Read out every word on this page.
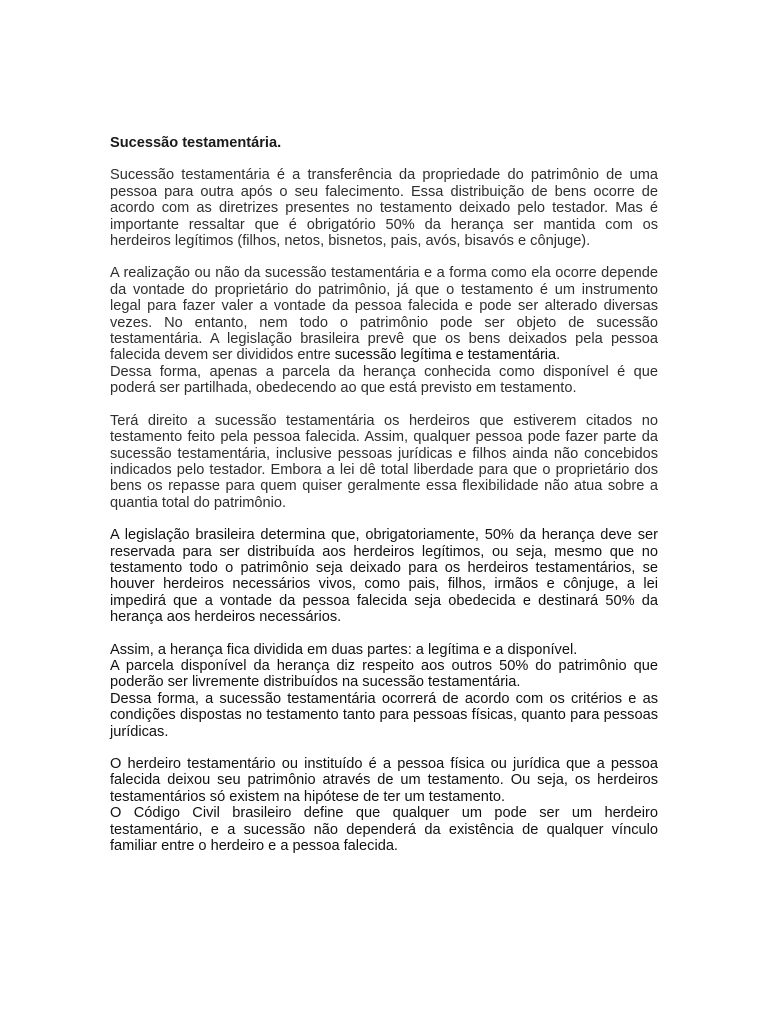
Sucessão testamentária.

Sucessão testamentária é a transferência da propriedade do patrimônio de uma pessoa para outra após o seu falecimento. Essa distribuição de bens ocorre de acordo com as diretrizes presentes no testamento deixado pelo testador. Mas é importante ressaltar que é obrigatório 50% da herança ser mantida com os herdeiros legítimos (filhos, netos, bisnetos, pais, avós, bisavós e cônjuge).

A realização ou não da sucessão testamentária e a forma como ela ocorre depende da vontade do proprietário do patrimônio, já que o testamento é um instrumento legal para fazer valer a vontade da pessoa falecida e pode ser alterado diversas vezes. No entanto, nem todo o patrimônio pode ser objeto de sucessão testamentária. A legislação brasileira prevê que os bens deixados pela pessoa falecida devem ser divididos entre sucessão legítima e testamentária.

Dessa forma, apenas a parcela da herança conhecida como disponível é que poderá ser partilhada, obedecendo ao que está previsto em testamento.

Terá direito a sucessão testamentária os herdeiros que estiverem citados no testamento feito pela pessoa falecida. Assim, qualquer pessoa pode fazer parte da sucessão testamentária, inclusive pessoas jurídicas e filhos ainda não concebidos indicados pelo testador. Embora a lei dê total liberdade para que o proprietário dos bens os repasse para quem quiser geralmente essa flexibilidade não atua sobre a quantia total do patrimônio.

A legislação brasileira determina que, obrigatoriamente, 50% da herança deve ser reservada para ser distribuída aos herdeiros legítimos, ou seja, mesmo que no testamento todo o patrimônio seja deixado para os herdeiros testamentários, se houver herdeiros necessários vivos, como pais, filhos, irmãos e cônjuge, a lei impedirá que a vontade da pessoa falecida seja obedecida e destinará 50% da herança aos herdeiros necessários.

Assim, a herança fica dividida em duas partes: a legítima e a disponível.

A parcela disponível da herança diz respeito aos outros 50% do patrimônio que poderão ser livremente distribuídos na sucessão testamentária.

Dessa forma, a sucessão testamentária ocorrerá de acordo com os critérios e as condições dispostas no testamento tanto para pessoas físicas, quanto para pessoas jurídicas.

O herdeiro testamentário ou instituído é a pessoa física ou jurídica que a pessoa falecida deixou seu patrimônio através de um testamento. Ou seja, os herdeiros testamentários só existem na hipótese de ter um testamento.

O Código Civil brasileiro define que qualquer um pode ser um herdeiro testamentário, e a sucessão não dependerá da existência de qualquer vínculo familiar entre o herdeiro e a pessoa falecida.
